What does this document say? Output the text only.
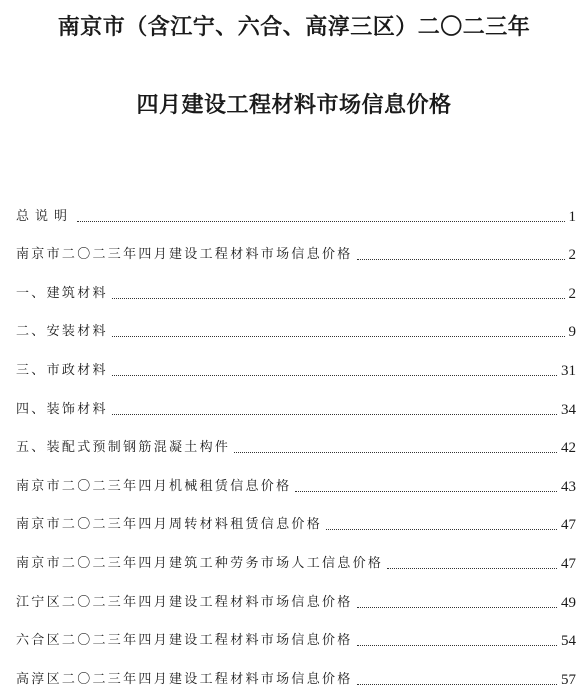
南京市（含江宁、六合、高淳三区）二〇二三年
四月建设工程材料市场信息价格
总说明	1
南京市二〇二三年四月建设工程材料市场信息价格	2
一、建筑材料	2
二、安装材料	9
三、市政材料	31
四、装饰材料	34
五、装配式预制钢筋混凝土构件	42
南京市二〇二三年四月机械租赁信息价格	43
南京市二〇二三年四月周转材料租赁信息价格	47
南京市二〇二三年四月建筑工种劳务市场人工信息价格	47
江宁区二〇二三年四月建设工程材料市场信息价格	49
六合区二〇二三年四月建设工程材料市场信息价格	54
高淳区二〇二三年四月建设工程材料市场信息价格	57
